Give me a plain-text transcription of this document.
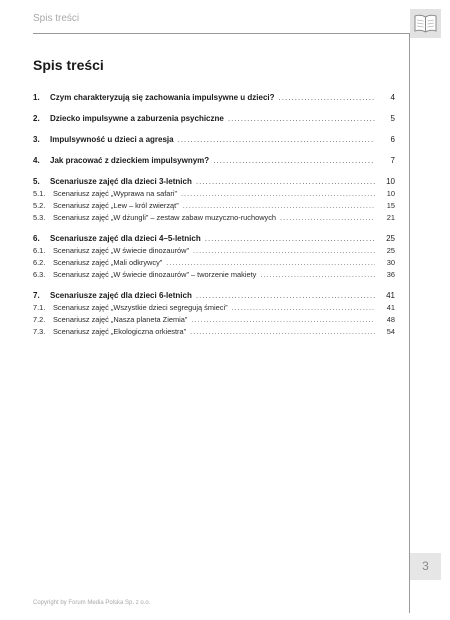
Spis treści
Spis treści
1.	Czym charakteryzują się zachowania impulsywne u dzieci? .....	4
2.	Dziecko impulsywne a zaburzenia psychiczne .....	5
3.	Impulsywność u dzieci a agresja .....	6
4.	Jak pracować z dzieckiem impulsywnym? .....	7
5.	Scenariusze zajęć dla dzieci 3-letnich .....	10
5.1.	Scenariusz zajęć „Wyprawa na safari” .....	10
5.2.	Scenariusz zajęć „Lew – król zwierząt” .....	15
5.3.	Scenariusz zajęć „W dżungli” – zestaw zabaw muzyczno-ruchowych .....	21
6.	Scenariusze zajęć dla dzieci 4–5-letnich .....	25
6.1.	Scenariusz zajęć „W świecie dinozaurów” .....	25
6.2.	Scenariusz zajęć „Mali odkrywcy” .....	30
6.3.	Scenariusz zajęć „W świecie dinozaurów” – tworzenie makiety .....	36
7.	Scenariusze zajęć dla dzieci 6-letnich .....	41
7.1.	Scenariusz zajęć „Wszystkie dzieci segregują śmieci” .....	41
7.2.	Scenariusz zajęć „Nasza planeta Ziemia” .....	48
7.3.	Scenariusz zajęć „Ekologiczna orkiestra” .....	54
3
Copyright by Forum Media Polska Sp. z o.o.
